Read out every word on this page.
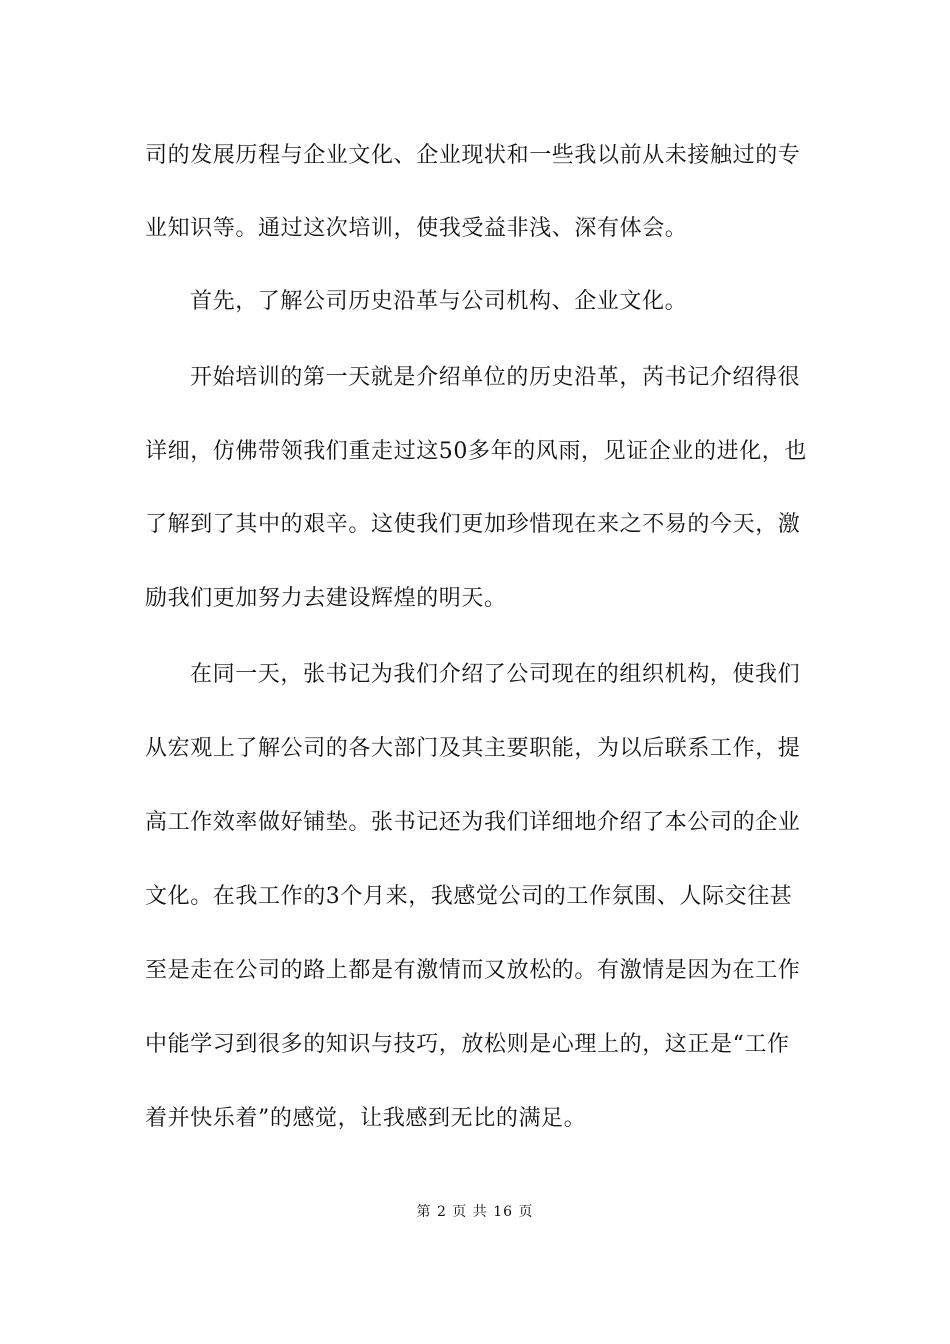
司的发展历程与企业文化、企业现状和一些我以前从未接触过的专
业知识等。通过这次培训，使我受益非浅、深有体会。
首先，了解公司历史沿革与公司机构、企业文化。
开始培训的第一天就是介绍单位的历史沿革，芮书记介绍得很
详细，仿佛带领我们重走过这50多年的风雨，见证企业的进化，也
了解到了其中的艰辛。这使我们更加珍惜现在来之不易的今天，激
励我们更加努力去建设辉煌的明天。
在同一天，张书记为我们介绍了公司现在的组织机构，使我们
从宏观上了解公司的各大部门及其主要职能，为以后联系工作，提
高工作效率做好铺垫。张书记还为我们详细地介绍了本公司的企业
文化。在我工作的3个月来，我感觉公司的工作氛围、人际交往甚
至是走在公司的路上都是有激情而又放松的。有激情是因为在工作
中能学习到很多的知识与技巧，放松则是心理上的，这正是“工作
着并快乐着”的感觉，让我感到无比的满足。
第 2 页 共 16 页
